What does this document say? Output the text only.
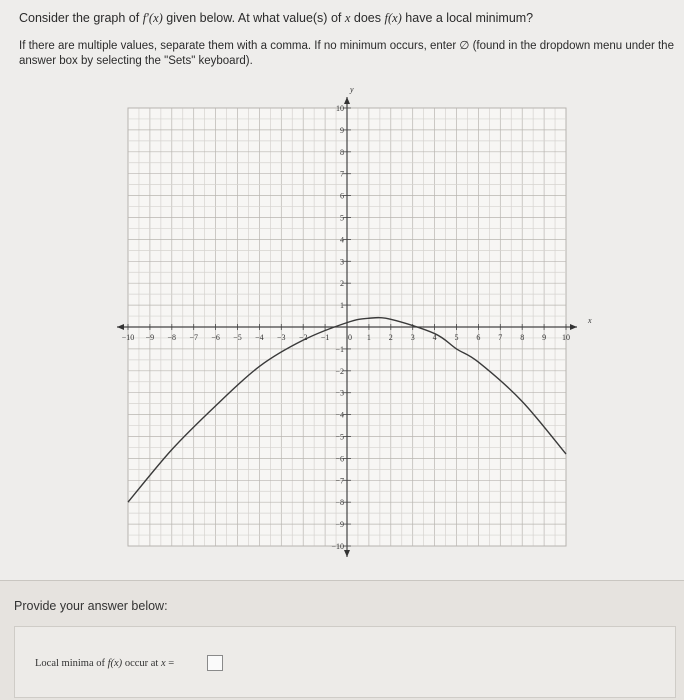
Consider the graph of f′(x) given below. At what value(s) of x does f(x) have a local minimum?
If there are multiple values, separate them with a comma. If no minimum occurs, enter ∅ (found in the dropdown menu under the answer box by selecting the "Sets" keyboard).
x
y
−10 −9 −8 −7 −6 −5 −4 −3 −2 −1 0 1 2 3 4 5 6 7 8 9 10
−10
−9
−8
−7
−6
−5
−4
−3
−2
−1
1
2
3
4
5
6
7
8
9
10
Provide your answer below:
Local minima of f(x) occur at x =
